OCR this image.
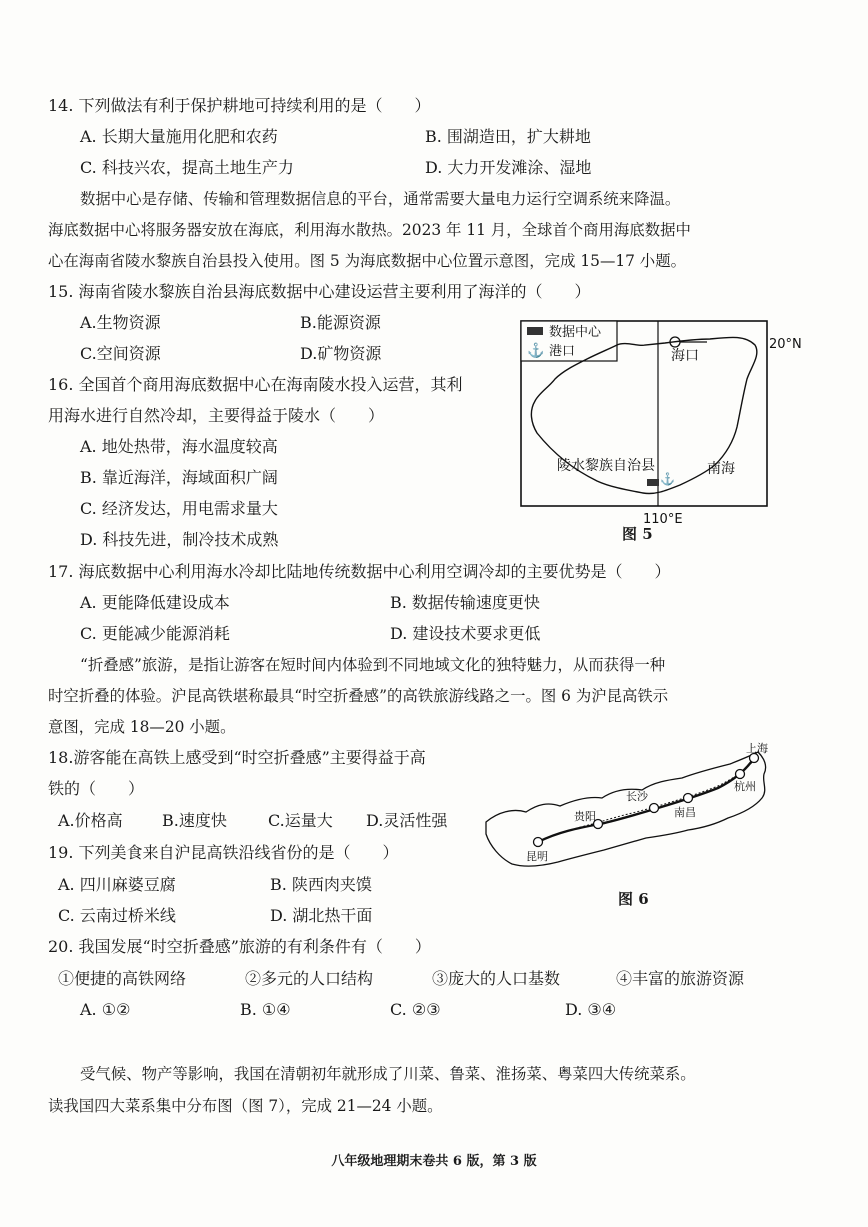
14. 下列做法有利于保护耕地可持续利用的是（　　）
A. 长期大量施用化肥和农药	B. 围湖造田，扩大耕地
C. 科技兴农，提高土地生产力	D. 大力开发滩涂、湿地
数据中心是存储、传输和管理数据信息的平台，通常需要大量电力运行空调系统来降温。
海底数据中心将服务器安放在海底，利用海水散热。2023 年 11 月，全球首个商用海底数据中
心在海南省陵水黎族自治县投入使用。图 5 为海底数据中心位置示意图，完成 15—17 小题。
15. 海南省陵水黎族自治县海底数据中心建设运营主要利用了海洋的（　　）
A.生物资源	B.能源资源
C.空间资源	D.矿物资源
16. 全国首个商用海底数据中心在海南陵水投入运营，其利
用海水进行自然冷却，主要得益于陵水（　　）
A. 地处热带，海水温度较高
B. 靠近海洋，海域面积广阔
C. 经济发达，用电需求量大
D. 科技先进，制冷技术成熟
数据中心
⚓ 港口	海口
20°N
陵水黎族自治县	南海
⚓
110°E
图 5
17. 海底数据中心利用海水冷却比陆地传统数据中心利用空调冷却的主要优势是（　　）
A. 更能降低建设成本	B. 数据传输速度更快
C. 更能减少能源消耗	D. 建设技术要求更低
“折叠感”旅游，是指让游客在短时间内体验到不同地域文化的独特魅力，从而获得一种
时空折叠的体验。沪昆高铁堪称最具“时空折叠感”的高铁旅游线路之一。图 6 为沪昆高铁示
意图，完成 18—20 小题。
18.游客能在高铁上感受到“时空折叠感”主要得益于高
铁的（　　）
A.价格高 B.速度快	C.运量大 D.灵活性强
上海
杭州
长沙
南昌
贵阳
昆明
图 6
19. 下列美食来自沪昆高铁沿线省份的是（　　）
A. 四川麻婆豆腐	B. 陕西肉夹馍
C. 云南过桥米线	D. 湖北热干面
20. 我国发展“时空折叠感”旅游的有利条件有（　　）
①便捷的高铁网络	②多元的人口结构	③庞大的人口基数	④丰富的旅游资源
A. ①②	B. ①④	C. ②③	D. ③④
受气候、物产等影响，我国在清朝初年就形成了川菜、鲁菜、淮扬菜、粤菜四大传统菜系。
读我国四大菜系集中分布图（图 7），完成 21—24 小题。
八年级地理期末卷共 6 版，第 3 版
